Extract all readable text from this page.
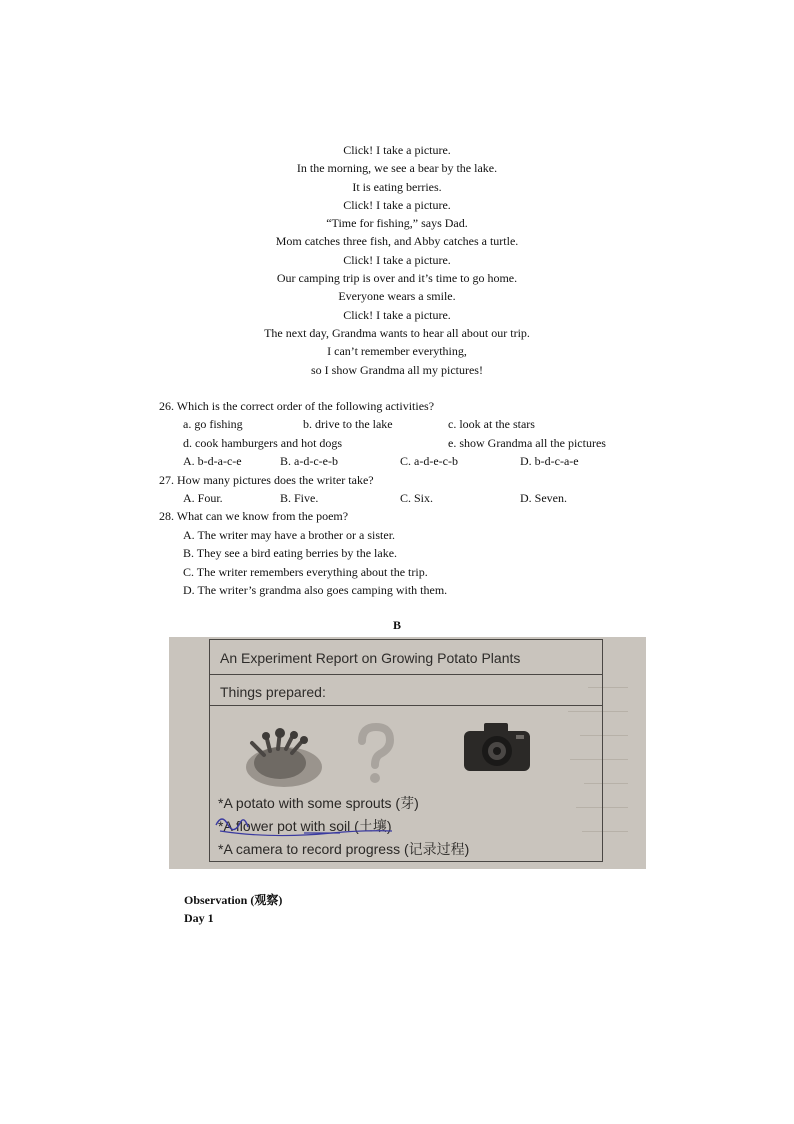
Click! I take a picture.
In the morning, we see a bear by the lake.
It is eating berries.
Click! I take a picture.
“Time for fishing,” says Dad.
Mom catches three fish, and Abby catches a turtle.
Click! I take a picture.
Our camping trip is over and it’s time to go home.
Everyone wears a smile.
Click! I take a picture.
The next day, Grandma wants to hear all about our trip.
I can’t remember everything,
so I show Grandma all my pictures!
26. Which is the correct order of the following activities?
a. go fishing	b. drive to the lake	c. look at the stars
d. cook hamburgers and hot dogs	e. show Grandma all the pictures
A. b-d-a-c-e	B. a-d-c-e-b	C. a-d-e-c-b	D. b-d-c-a-e
27. How many pictures does the writer take?
A. Four.	B. Five.	C. Six.	D. Seven.
28. What can we know from the poem?
A. The writer may have a brother or a sister.
B. They see a bird eating berries by the lake.
C. The writer remembers everything about the trip.
D. The writer’s grandma also goes camping with them.
B
An Experiment Report on Growing Potato Plants
Things prepared:
*A potato with some sprouts (芽)
*A flower pot with soil (土壤)
*A camera to record progress (记录过程)
Observation (观察)
Day 1
